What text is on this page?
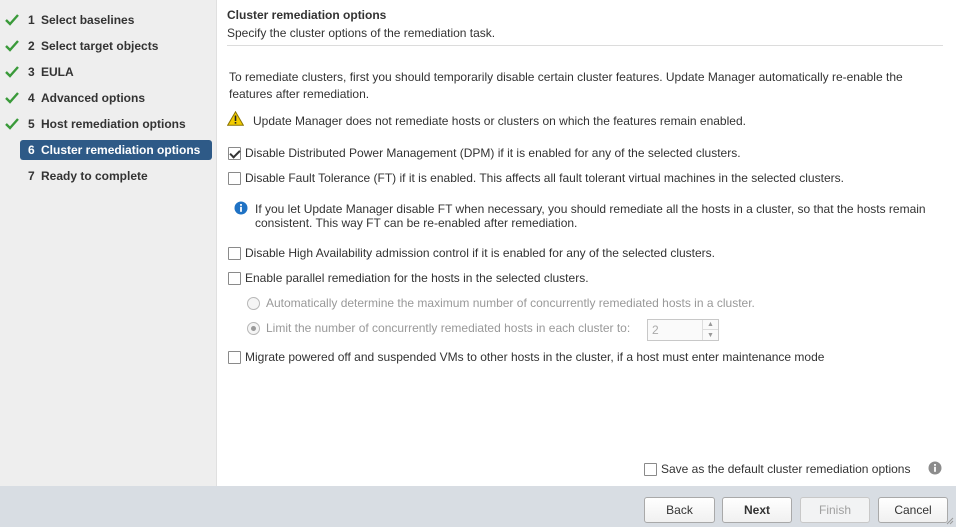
1 Select baselines
2 Select target objects
3 EULA
4 Advanced options
5 Host remediation options
6 Cluster remediation options
7 Ready to complete
Cluster remediation options
Specify the cluster options of the remediation task.
To remediate clusters, first you should temporarily disable certain cluster features. Update Manager automatically re-enable the features after remediation.
Update Manager does not remediate hosts or clusters on which the features remain enabled.
Disable Distributed Power Management (DPM) if it is enabled for any of the selected clusters.
Disable Fault Tolerance (FT) if it is enabled. This affects all fault tolerant virtual machines in the selected clusters.
If you let Update Manager disable FT when necessary, you should remediate all the hosts in a cluster, so that the hosts remain consistent. This way FT can be re-enabled after remediation.
Disable High Availability admission control if it is enabled for any of the selected clusters.
Enable parallel remediation for the hosts in the selected clusters.
Automatically determine the maximum number of concurrently remediated hosts in a cluster.
Limit the number of concurrently remediated hosts in each cluster to:
2	▲
▼
Migrate powered off and suspended VMs to other hosts in the cluster, if a host must enter maintenance mode
Save as the default cluster remediation options
Back	Next	Finish	Cancel
